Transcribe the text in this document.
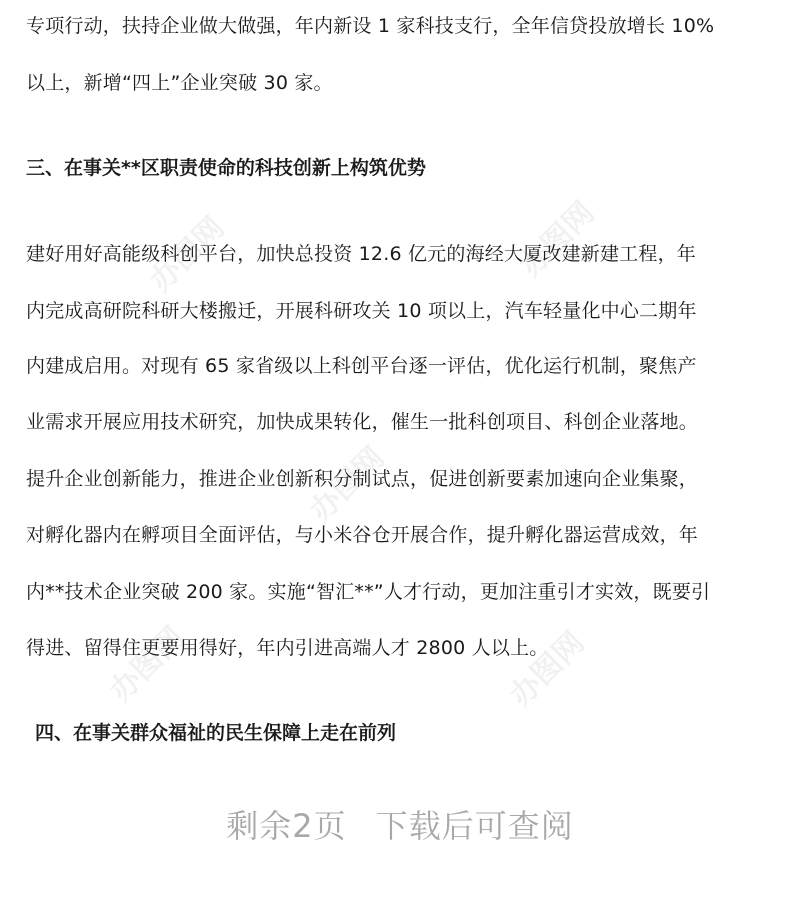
办图网	办图网
办图网
办图网	办图网
专项行动，扶持企业做大做强，年内新设 1 家科技支行，全年信贷投放增长 10%
以上，新增“四上”企业突破 30 家。
三、在事关**区职责使命的科技创新上构筑优势
建好用好高能级科创平台，加快总投资 12.6 亿元的海经大厦改建新建工程，年
内完成高研院科研大楼搬迁，开展科研攻关 10 项以上，汽车轻量化中心二期年
内建成启用。对现有 65 家省级以上科创平台逐一评估，优化运行机制，聚焦产
业需求开展应用技术研究，加快成果转化，催生一批科创项目、科创企业落地。
提升企业创新能力，推进企业创新积分制试点，促进创新要素加速向企业集聚，
对孵化器内在孵项目全面评估，与小米谷仓开展合作，提升孵化器运营成效，年
内**技术企业突破 200 家。实施“智汇**”人才行动，更加注重引才实效，既要引
得进、留得住更要用得好，年内引进高端人才 2800 人以上。
四、在事关群众福祉的民生保障上走在前列
剩余2页 下载后可查阅
